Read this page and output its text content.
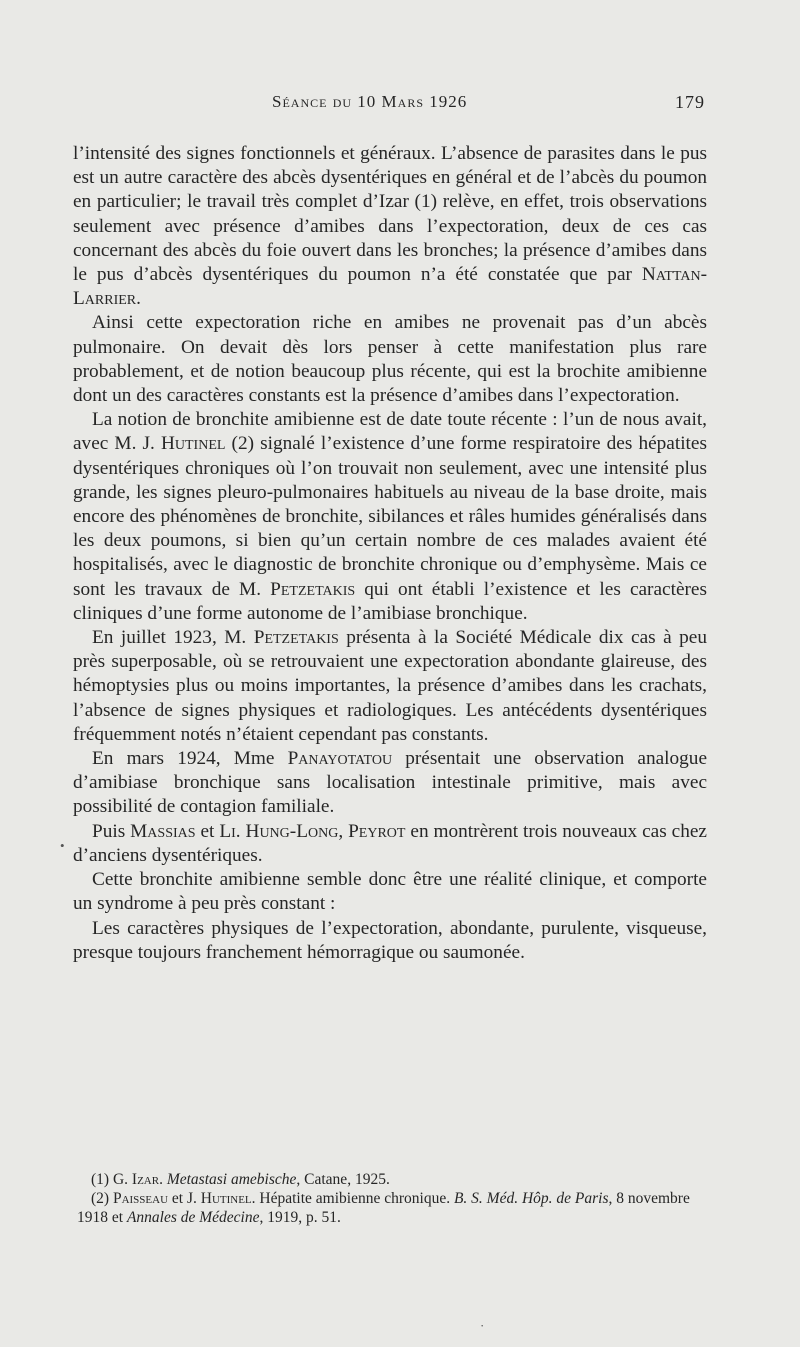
Séance du 10 Mars 1926	179

l’intensité des signes fonctionnels et généraux. L’absence de parasites dans le pus est un autre caractère des abcès dysentériques en général et de l’abcès du poumon en particulier; le travail très complet d’Izar (1) relève, en effet, trois observations seulement avec présence d’amibes dans l’expectoration, deux de ces cas concernant des abcès du foie ouvert dans les bronches; la présence d’amibes dans le pus d’abcès dysentériques du poumon n’a été constatée que par Nattan-Larrier.

Ainsi cette expectoration riche en amibes ne provenait pas d’un abcès pulmonaire. On devait dès lors penser à cette manifestation plus rare probablement, et de notion beaucoup plus récente, qui est la brochite amibienne dont un des caractères constants est la présence d’amibes dans l’expectoration.

La notion de bronchite amibienne est de date toute récente : l’un de nous avait, avec M. J. Hutinel (2) signalé l’existence d’une forme respiratoire des hépatites dysentériques chroniques où l’on trouvait non seulement, avec une intensité plus grande, les signes pleuro-pulmonaires habituels au niveau de la base droite, mais encore des phénomènes de bronchite, sibilances et râles humides généralisés dans les deux poumons, si bien qu’un certain nombre de ces malades avaient été hospitalisés, avec le diagnostic de bronchite chronique ou d’emphysème. Mais ce sont les travaux de M. Petzetakis qui ont établi l’existence et les caractères cliniques d’une forme autonome de l’amibiase bronchique.

En juillet 1923, M. Petzetakis présenta à la Société Médicale dix cas à peu près superposable, où se retrouvaient une expectoration abondante glaireuse, des hémoptysies plus ou moins importantes, la présence d’amibes dans les crachats, l’absence de signes physiques et radiologiques. Les antécédents dysentériques fréquemment notés n’étaient cependant pas constants.

En mars 1924, Mme Panayotatou présentait une observation analogue d’amibiase bronchique sans localisation intestinale primitive, mais avec possibilité de contagion familiale.

Puis Massias et Li. Hung-Long, Peyrot en montrèrent trois nouveaux cas chez d’anciens dysentériques.

Cette bronchite amibienne semble donc être une réalité clinique, et comporte un syndrome à peu près constant :

Les caractères physiques de l’expectoration, abondante, purulente, visqueuse, presque toujours franchement hémorragique ou saumonée.

(1) G. Izar. Metastasi amebische, Catane, 1925.

(2) Paisseau et J. Hutinel. Hépatite amibienne chronique. B. S. Méd. Hôp. de Paris, 8 novembre 1918 et Annales de Médecine, 1919, p. 51.

•
·
